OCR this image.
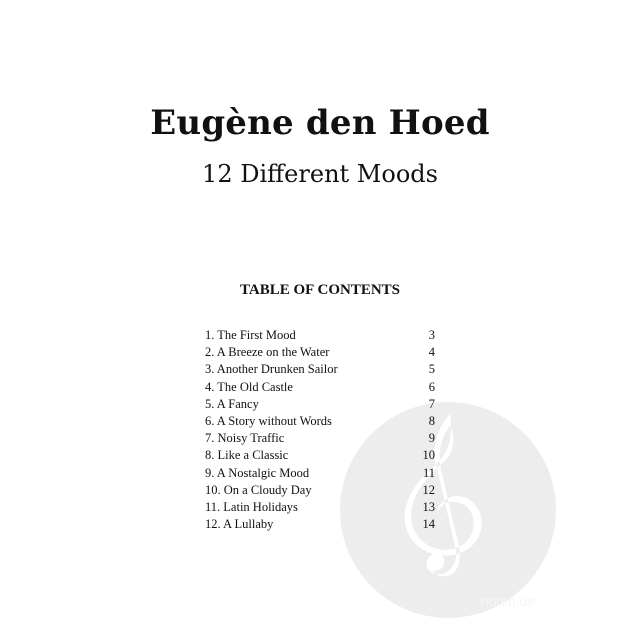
noten.de
Eugène den Hoed
12 Different Moods
TABLE OF CONTENTS
1. The First Mood	3
2. A Breeze on the Water	4
3. Another Drunken Sailor	5
4. The Old Castle	6
5. A Fancy	7
6. A Story without Words	8
7. Noisy Traffic	9
8. Like a Classic	10
9. A Nostalgic Mood	11
10. On a Cloudy Day	12
11. Latin Holidays	13
12. A Lullaby	14
